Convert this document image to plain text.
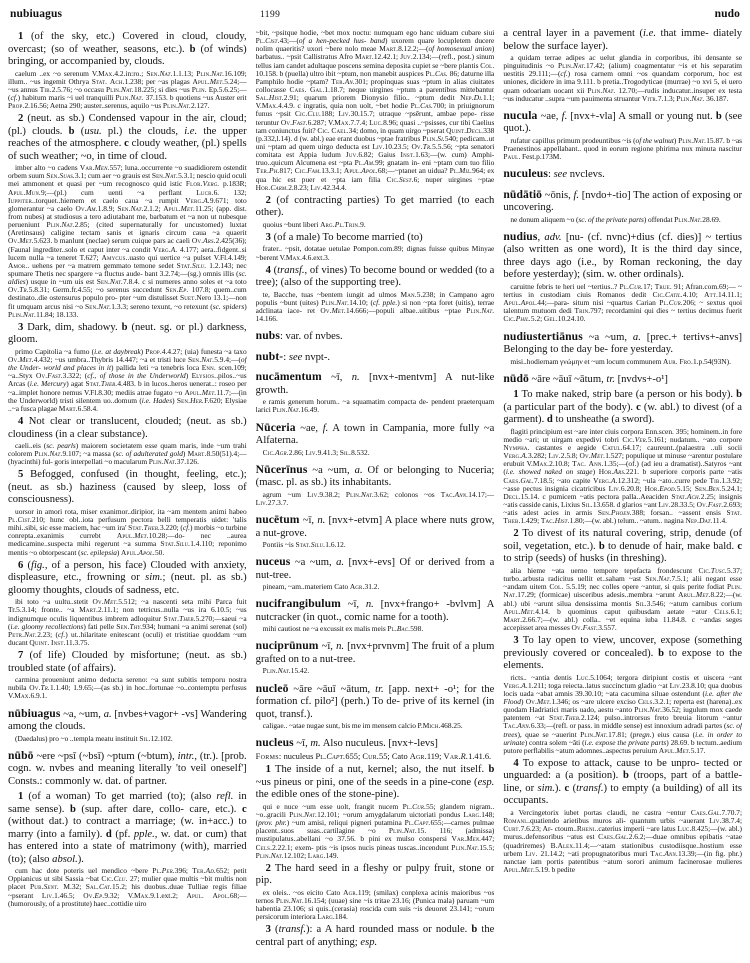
nubiuagus	1199	nudo
1 (of the sky, etc.) Covered in cloud, cloudy, overcast; (so of weather, seasons, etc.). b (of winds) bringing, or accompanied by, clouds.
caelum ..ex ~o serenum V.Max.4.2.in:ro.; Sen.Nat.1.1.13; Plin.Nat.16.109; illum.. ~us ingemit Othrya Stat. Ach.1.238; per ~as plagas Apul.Met.5.24;—~us annus Tib.2.5.76; ~o occasu Plin.Nat.18.225; si dies ~us Plin. Ep.5.6.25;—(cf.) habitum maris ~i uel tranquilli Plin.Nat. 37.153. b quotiens ~us Auster erit Prop.2.16.56; Aetna 290; auster..serenus, aquilo ~us Plin.Nat.2.127.
2 (neut. as sb.) Condensed vapour in the air, cloud; (pl.) clouds. b (usu. pl.) the clouds, i.e. the upper reaches of the atmosphere. c cloudy weather, (pl.) spells of such weather; ~o, in time of cloud.
imber alto ~o cadens Var.Men.557; luna..occurrente ~o suadidiorem ostendit orbem suum Sen.Suas.3.1; cum aer ~o grauis est Sen.Nat.5.3.1; nescio quid oculi mei ammonent et quasi per ~um recognosco quid istic Flor.Verg. p.183R; Apul.Mun.9;—(pl.) cum uenti ~a perflant Lucr.6. 132; Iuppiter..torquet..hiemem et caelo caua ~a rumpit Verg.A.9.671; toto glomerantur ~a caelo Ov.Am.1.8.9; Sen.Nat.2.1.2; Apul.Met.11.25; (app. dist. from nubes) at studiosus a tero adiutabant me, barbatum et ~a non ut nubesque perueniunt Plin.Nat.2.85; (cited supernaturally for uncustomed) luxtat (Aretinsaus) caligine tectam sanis et ignaris circum caua ~a quaerit Ov.Met.5.623. b manlunt (neclae) serum cuique pars ac caeli Ov.Ars.2.425(36); (Faunal ingrediter..solo et caput inter ~a condit Verg.A. 4.177; aera..fidgent..si lucem nulla ~a teneret T.627; Amycus..uasto qui uertice ~a pulset V.Fl.4.149; Amor.. uehens per ~a matrem gemmato temone sedet Stat.Silu. 1.2.143; nec spumare Thetis nec spargere ~a fluctus aude- bant 3.2.74;—(sg.) omnis illis (sc. aldies) usque in ~um uis est Sen.Nat.7.8.4. c si numeres anno soles et ~a toto Ov.Tr.5.8.31; Germ.fr.4.55; ~o serenus succedunt Sen.Ep. 107.8; quem..cum destinato..die ostensurus populo pro- pter ~um distulisset Suet.Nero 13.1;—non fit umquam arcus nisi ~o Sen.Nat.1.3.3; sereno texunt, ~o retexunt (sc. spiders) Plin.Nat.11.84; 18.133.
3 Dark, dim, shadowy. b (neut. sg. or pl.) darkness, gloom.
primo Capitolia ~a fumo (i.e. at daybreak) Prop.4.4.27; (uia) funesta ~a taxo Ov.Met.4.432; ~us umbra..Thybris 14.447; ~a et tristi luce Sen.Nat.5.9.4;—(of the Under- world and places in it) pallida leti ~a tenebris loca Enn. scen.109; ~a..Styx Ov.Fast.3.322; (cf., of those in the Underworld) Elysios..pilos..~us Arcas (i.e. Mercury) agat Stat.Theb.4.483. b in lucos..heros uenerat..: roseo per ~a..implet honore nemus V.Fl.8.30; mediis atrae fugato ~o Apul.Met.11.7;—(in the Underworld) tristi silentem uo..domum (i.e. Hades) Sen.Her.F.620; Elysiae ..~a fusca plagae Mart.6.58.4.
4 Not clear or translucent, clouded; (neut. as sb.) cloudiness (in a clear substance).
caeli..eis (sc. pearls) maiorem societatem esse quam maris, inde ~um trahi colorem Plin.Nat.9.107; ~a massa (sc. of adulterated gold) Mart.8.50(51).4;—(hyacinthi) ful- goris interpellati ~o macularum Plin.Nat.37.126.
5 Befogged, confused (in thought, feeling, etc.); (neut. as sb.) haziness (caused by sleep, loss of consciousness).
uorsor in amori rota, miser exanimor..diripior, ita ~am mentem animi habeo Pl.Cist.210; hunc obl..iota perfusum pectora belli temperatis uidet: 'talis mihi..sibi, sic esse maciem, hac ~um ira' Stat.Theb.3.220; (cf.) morbis ~o turbine conrepta..exanimis currebt Apul.Met.10.28;—do- nec ..aurea medicamine..suspecta mihi regerunt ~a summa Stat.Silu.1.4.110; reponimo mentis ~o obtorpescant (sc. epilepsia) Apul.Apol.50.
6 (fig., of a person, his face) Clouded with anxiety, displeasure, etc., frowning or sim.; (neut. pl. as sb.) gloomy thoughts, clouds of sadness, etc.
ibi toto ~a uultu..stetit Ov.Met.5.512; ~a nascenti seta mihi Parca fuit Tr.5.3.14; fronte.. ~a Mart.2.11.1; non tetricus..nulla ~us ira 6.10.5; ~us indignumque oculis liquentibus imbrem adloquitur Stat.Theb.5.270;—saeui ~a (i.e. gloomy recollections) fati pelle Sen.Thy.934; humani ~a animi serenat (sol) Petr.Nat.2.23; (cf.) ut..hilaritate enitescant (oculi) et tristitiae quoddam ~um ducant Quint. Inst.11.3.75.
7 (of life) Clouded by misfortune; (neut. as sb.) troubled state (of affairs).
carmina proueniunt animo deducta sereno: ~a sunt subitis temporu nostra nubila Ov.Tr.1.1.40; 1.9.65;—(as sb.) in hoc..fortunae ~o..contemptu perfusus V.Max.6.9.1.
nūbiuagus ~a, ~um, a. [nvbes+vagor+ -vs] Wandering among the clouds.
(Daedalus) pro ~o ..templa meatu instituit Sil.12.102.
nūbō ~ere ~psī (~bsī) ~ptum (~btum), intr., (tr.). [prob. cogn. w. nvbes and meaning literally 'to veil oneself'] Consts.: commonly w. dat. of partner.
1 (of a woman) To get married (to); (also refl. in same sense). b (sup. after dare, collo- care, etc.). c (without dat.) to contract a marriage; (w. in+acc.) to marry (into a family). d (pf. pple., w. dat. or cum) that has entered into a state of matrimony (with), married (to); (also absol.).
cum hac dote poteris uel mendico ~bere Pl.Per.396; Ter.Ad.652; petit Oppianicus ut sibi Sassia ~bat Cic.Clu. 27; mulier quae multis ~bit multis non placet Pub.Sent. M.32; Sal.Cat.15.2; his duobus..duae Tulliae regis filiae ~pserant Liv.1.46.5; Ov.Ep.9.32; V.Max.9.1.ext.2; Apul. Apol.68;—(humorously, of a prostitute) haec..cottidie uiro
~bit, ~psitque hodie, ~bet mox noctu: numquam ego hanc uiduam cubare siui Pl.Cist.43;—(of a hen-pecked hus- band) uxorem quare locupletem ducere nolim quaeritis? uxori ~bere nolo meae Mart.8.12.2;—(of homosexual union) barbatus.. ~psit Callistratus Afro Mart.12.42.1; Juv.2.134;—(refl., post.) sinum tellus iam candet adultaque poscens semina deposita cupiet se ~bere plantis Col. 10.158. b (puella) ultro ibit ~ptum, non manebit auspices Pl.Cas. 86; daturne illa Pamphilo hodie ~ptam? Ter.An.301; propinquas suas ~ptum in alias ciuitates collocasse Caes. Gal.1.18.7; neque uirgines ~ptum a parentibus mittebantur Sal.Hist.2.91; quarum priorem Dionysio filio.. ~ptum dedit Nep.Di.1.1; V.Max.4.4.9. c ingratis, quia non uolt, ~bet hodie Pl.Cas.700; in priuignorum funus ~psit Cic.Clu.188; Liv.30.15.7; utraque ~psērunt, ambae pepe- risse teruntur Ov.Fast.6.287; V.Max.7.7.4; Luc.8.96; quasi ..~psisses, cur tibi Caelius tam coniunctus fuit? Cic. Cael.34; domo, in quam uirgo ~pserat Quint.Decl.338 (p.332,l.14). d (w. abl.) eae erant duobus ~ptae fratribus Plin.Si.540; pedicam..ut uni ~ptam ad quem uirgo deducta est Liv.10.23.5; Ov.Tr.5.5.56; ~pta senatori comitata est Appia ludum Juv.6.82; Gaius Inst.1.63;—(w. cum) Amphi- truo..quicum Alcumena est ~pta Pl.Am.99; gnatam in- eni ~ptam cum tuo filio Ter.Ph.817; Cic.Fam.13.3.1; Apul.Apol.68;—~ptanet an uidua? Pl.Mil.964; ex qua hic est puer et ~pta iam filia Cic.Sest.6; nuper uirgines ~ptae Hor.Carm.2.8.23; Liv.42.34.4.
2 (of contracting parties) To get married (to each other).
quoius ~bunt liberi Arg.Pl.Trin.9.
3 (of a male) To become married (to)
frater.. ~psit, dotatae uetulae Pompon.com.89; dignas fuisse quibus Minyae ~berent V.Max.4.6.ext.3.
4 (transf., of vines) To become bound or wedded (to a tree); (also of the supporting tree).
te, Bacche, tuas ~bentem iungit ad ulmos Man.5.238; in Campano agro populis ~bunt (uites) Plin.Nat.14.10; (cf. pple.) si non ~pta foret (uitis), terrae adclinata iace- ret Ov.Met.14.666;—populi albae..uitibus ~ptae Plin.Nat. 14.166.
nubs: var. of nvbes.
nubt-: see nvpt-.
nucāmentum ~ī, n. [nvx+-mentvm] A nut-like growth.
e ramis generum horum.. ~a squamatim compacta de- pendent praeterquam larici Plin.Nat.16.49.
Nūceria ~ae, f. A town in Campania, more fully ~a Alfaterna.
Cic.Agr.2.86; Liv.9.41.3; Sil.8.532.
Nūcerīnus ~a ~um, a. Of or belonging to Nuceria; (masc. pl. as sb.) its inhabitants.
agrum ~um Liv.9.38.2; Plin.Nat.3.62; colonos ~os Tac.Ann.14.17;—Liv.27.3.7.
nucētum ~ī, n. [nvx+-etvm] A place where nuts grow, a nut-grove.
Pontiis ~is Stat.Silu.1.6.12.
nuceus ~a ~um, a. [nvx+-evs] Of or derived from a nut-tree.
pineam, ~am..materiem Cato Agr.31.2.
nucifrangibulum ~ī, n. [nvx+frango+ -bvlvm] A nutcracker (in quot., comic name for a tooth).
mihi cautiost ne ~a excussit ex malis meis Pl.Bac.598.
nuciprūnum ~ī, n. [nvx+prvnvm] The fruit of a plum grafted on to a nut-tree.
Plin.Nat.15.42.
nucleō ~āre ~āuī ~ātum, tr. [app. next+ -o¹; for the formation cf. pilo²] (perh.) To de- prive of its kernel (in quot, transf.).
caligae.. ~atae nugae sunt, bis me im mensem calcio P.Mich.468.25.
nucleus ~ī, m. Also nuculeus. [nvx+-levs]
Forms: nuculeus Pl.Capt.655; Cur.55; Cato Agr.119; Var.R.1.41.6.
1 The inside of a nut, kernel; also, the nut itself. b ~us pineus or pini, one of the seeds in a pine-cone (esp. the edible ones of the stone-pine).
qui e nuce ~um esse uolt, frangit nucem Pl.Cur.55; glandem nigram.. ~o..gracili Plin.Nat.12.101; ~orum amygdalarum uictoriati pondus Larg.148; (prov. phr.) ~um amisi, reliqui pigneri putamina Pl.Capt.655;—carnes pulmae placent..suos suas..cartilagine ~o Plin.Nat.15. 116; (admissa) mustipulatus..abellani ~o 37.56. b pini ex mulso conspersi Var.Men.447; Cels.2.22.1; exem- ptis ~is ipsos nucis pineas tuscas..incendunt Plin.Nat.15.5; Plin.Nat.12.102; Larg.149.
2 The hard seed in a fleshy or pulpy fruit, stone or pip.
ex oleis.. ~os eicito Cato Agr.119; (smilax) conplexa acinis maioribus ~os ternos Plin.Nat.16.154; (uuae) sine ~is tritae 23.16; (Punica mala) paruam ~um habentia 23.106; si quis..(cerasia) roscida cum suis ~is deuoret 23.141; ~orum persicorum interiora Larg.184.
3 (transf.): a A hard rounded mass or nodule. b the central part of anything; esp.
a central layer in a pavement (i.e. that imme- diately below the surface layer).
a quidam terrae adipes ac uelut glandia in corporibus, ibi densante se pinguitudinis ~o Plin.Nat.17.42; (alium) coagmentatur ~is et his separatim uestitis 29.111;—(cf.) rosa carnem omni ~os quandam corporum, hoc est uniones, dicidere in ima 9.111. b pretia..Trogodyticae (murrae) ~o xvi 5, ei uero quam odoariam uocant xii Plin.Nat. 12.70;—rudis inducatur..insuper ex testa ~us inducatur ..supra ~um pauimenta struantur Vitr.7.1.3; Plin.Nat. 36.187.
nucula ~ae, f. [nvx+-vla] A small or young nut. b (see quot.).
rufatur capillus primum prodeuntibus ~is (of the walnut) Plin.Nat.15.87. b ~as Praenestinos appellabant.. quod in eorum regione phirima nux minuta nascitur Paul. Fest.p.173M.
nuculeus: see nvclevs.
nūdātiō ~ōnis, f. [nvdo+-tio] The action of exposing or uncovering.
ne donum aliquem ~o (sc. of the private parts) offendat Plin.Nat.28.69.
nudius, adv. [nu- (cf. nvnc)+dius (cf. dies)] ~ tertius (also written as one word), It is the third day since, three days ago (i.e., by Roman reckoning, the day before yesterday); (sim. w. other ordinals).
caruitne febris te heri uel ~tertius..? Pl.Cur.17; True. 91; Afran.com.69;— ~ tertius in custodiam ciuis Romanos dedit Cic.Catil.4.10; Att.14.11.1; Apul.Apol.44;—para- situm nisi ~quartus Carian Pl.Cur.206; ~ sextus quoi talentum mutuom dedi Trin.797; recordamini qui dies ~ tertius decimus fuerit Cic.Phil.5.2; Gel.10.24.10.
nudiustertiānus ~a ~um, a. [prec.+ tertivs+-anvs] Belonging to the day be- fore yesterday.
misi..hodiernam γνώμην et ~um locum communem Aur. Fro.1.p.54(93N).
nūdō ~āre ~āuī ~ātum, tr. [nvdvs+-o¹]
1 To make naked, strip bare (a person or his body). b (a particular part of the body). c (w. abl.) to divest (of a garment). d to unsheathe (a sword).
flagiti principium est ~are inter ciuis corpora Enn.scen. 395; hominem..in fore medio ~ari; ut uirgam expedivi tobri Cic.Ver.5.161; nudatum.. ~ato corpore Nympha. castantes e aegide Catul.64.17; caureunt..(palaestra ..uli socii Verg.A.3.282; Liv.2.5.8; Ov.Met.1.527; populique ut minuse ~arentur postulare erubuit V.Max.2.10.8; Tac. Ann.1.35;—(of.) (ad ieu a dramatist)..Satyros ~ant (i.e. showed naked on stage) Hor.Ars.221. b superiore corporis parte ~atis Caes.Gal.7.18.5; ~ato capite Verg.A.12.312; ~ula ~ato..curre pede Tib.1.3.92; ~asse pectus insignia cicatricibus Liv.6.20.8; Hor.Epod.5.15; Sen.Ben.5.24.1; Decl.15.14. c pumicem ~atis pectora palla..Aeaciden Stat.Ach.2.25; insignis ~atis casside canis, Lixius Sil.13.658. d glarios ~ant Liv.28.33.5; Ov.Fast.2.693; ~atis adest acies in armis Sen.Phoen.388; forsan.. ~assent ensis Stat. Theb.1.429; Tac.Hist.1.80;—(w. abl.) telum.. ~atum.. nagina Nep.Dat.11.4.
2 To divest of its natural covering, strip, denude (of soil, vegetation, etc.). b to denude of hair, make bald. c to strip (seeds) of husks (in threshing).
alia hieme ~ata uerno tempore tepefacta frondescunt Cic.Tusc.5.37; turbo..arbusta radicitus uellit et..saham ~ast Sen.Nat.7.5.1; alii negant esse ~andam uitem Col. 5.5.19; nec colles opere ~antur, si quis perite fodiat Plin. Nat.17.29; (formicae) uisceribus adesis..membra ~arunt Arul.Met.8.22;—(w. abl.) ubi ~arunt silua densissima montis Sil.3.546; ~atum carnibus corium Apul.Met.4.14. b quominus caput quibusdam aetate ~atur Cels.6.1; Mart.2.66.7;—(w. abl.) colla.. ~et equina iuba 11.84.8. c ~andas seges accepisset area messes Ov.Fast.3.557.
3 To lay open to view, uncover, expose (something previously covered or concealed). b to expose to the elements.
ricts.. ~antia dentis Luc.5.1064; tergora diripiunt costis et uiscera ~ant Verg.A.1.211; toga reiecta..latus succinctum gladio ~at Liv.23.8.10; qua duobus locis uada ~abat amnis 39.30.10; ~ata cacumina siluae ostendunt (i.e. after the Flood) Ov.Met.1.346; os ~are ulcere exciso Cels.3.2.1; reperta est (harena)..ex quodam Hadriatici maris uado, aestu ~anto Plin.Nat.36.52; iugulum mox caede patentem ~at Stat.Theb.2.124; pulso..introrsus freto breuia litorum ~antur Tac.Ann.6.33;—(refl. or pass. in middle sense) est innoxium adradi partes (sc. of trees), quae se ~auerint Plin.Nat.17.81; (pregn.) eius causa (i.e. in order to urinate) contra solem ~āti (i.e. expose the private parts) 28.69. b tectum..aedium putore perflabilis ~atum adomnes..aspectus peruium Apul.Met.5.17.
4 To expose to attack, cause to be unpro- tected or unguarded: a (a position). b (troops, part of a battle-line, or sim.). c (transf.) to empty (a building) of all its occupants.
a Vercingetorix iubet portas claudi, ne castra ~entur Caes.Gal.7.70.7; Romani..quatiendo arietibus muros ali- quantum urbis ~auerant Liv.38.7.4; Curt.7.6.23; Ar- ctoum..Rheni..caterius imperii ~are latus Luc.8.425;—(w. abl.) murus..defensoribus ~atus est Caes.Gal.2.6.2;—duae omnibus epibatis ~atae (quadriremes) B.Alex.11.4;—~atam stationibus custodiisque..hostium esse urbem Liv. 21.14.2; ~ati propugnatoribus muri Tac.Ann.13.39;—(in fig. phr.) nanctae iam portis patentibus ~atum sorori animum facinerosae mulieres Apul.Met.5.19. b pedite
